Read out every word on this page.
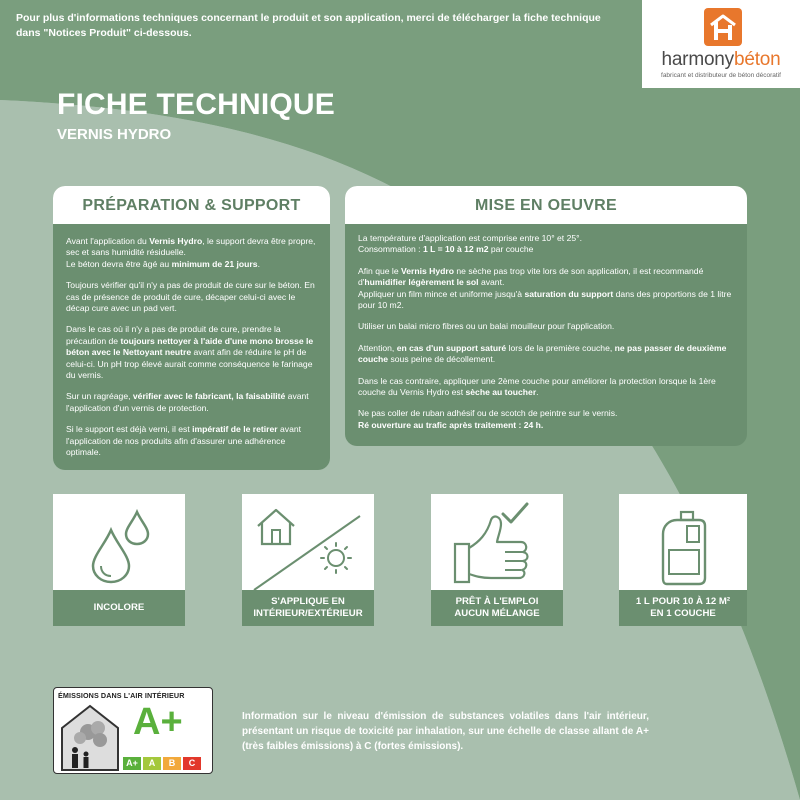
Pour plus d'informations techniques concernant le produit et son application, merci de télécharger la fiche technique dans "Notices Produit" ci-dessous.
harmonybéton
fabricant et distributeur de béton décoratif
FICHE TECHNIQUE
VERNIS HYDRO
PRÉPARATION & SUPPORT

Avant l'application du Vernis Hydro, le support devra être propre, sec et sans humidité résiduelle.
Le béton devra être âgé au minimum de 21 jours.

Toujours vérifier qu'il n'y a pas de produit de cure sur le béton. En cas de présence de produit de cure, décaper celui-ci avec le décap cure avec un pad vert.

Dans le cas où il n'y a pas de produit de cure, prendre la précaution de toujours nettoyer à l'aide d'une mono brosse le béton avec le Nettoyant neutre avant afin de réduire le pH de celui-ci. Un pH trop élevé aurait comme conséquence le farinage du vernis.

Sur un ragréage, vérifier avec le fabricant, la faisabilité avant l'application d'un vernis de protection.

Si le support est déjà verni, il est impératif de le retirer avant l'application de nos produits afin d'assurer une adhérence optimale.

MISE EN OEUVRE

La température d'application est comprise entre 10° et 25°.
Consommation : 1 L = 10 à 12 m2 par couche

Afin que le Vernis Hydro ne sèche pas trop vite lors de son application, il est recommandé d'humidifier légèrement le sol avant.
Appliquer un film mince et uniforme jusqu'à saturation du support dans des proportions de 1 litre pour 10 m2.

Utiliser un balai micro fibres ou un balai mouilleur pour l'application.

Attention, en cas d'un support saturé lors de la première couche, ne pas passer de deuxième couche sous peine de décollement.

Dans le cas contraire, appliquer une 2ème couche pour améliorer la protection lorsque la 1ère couche du Vernis Hydro est sèche au toucher.

Ne pas coller de ruban adhésif ou de scotch de peintre sur le vernis.
Ré ouverture au trafic après traitement : 24 h.

INCOLORE
S'APPLIQUE EN INTÉRIEUR/EXTÉRIEUR
PRÊT À L'EMPLOI AUCUN MÉLANGE
1 L POUR 10 À 12 M² EN 1 COUCHE
ÉMISSIONS DANS L'AIR INTÉRIEUR
A+
A+	A	B	C
Information sur le niveau d'émission de substances volatiles dans l'air intérieur, présentant un risque de toxicité par inhalation, sur une échelle de classe allant de A+ (très faibles émissions) à C (fortes émissions).
